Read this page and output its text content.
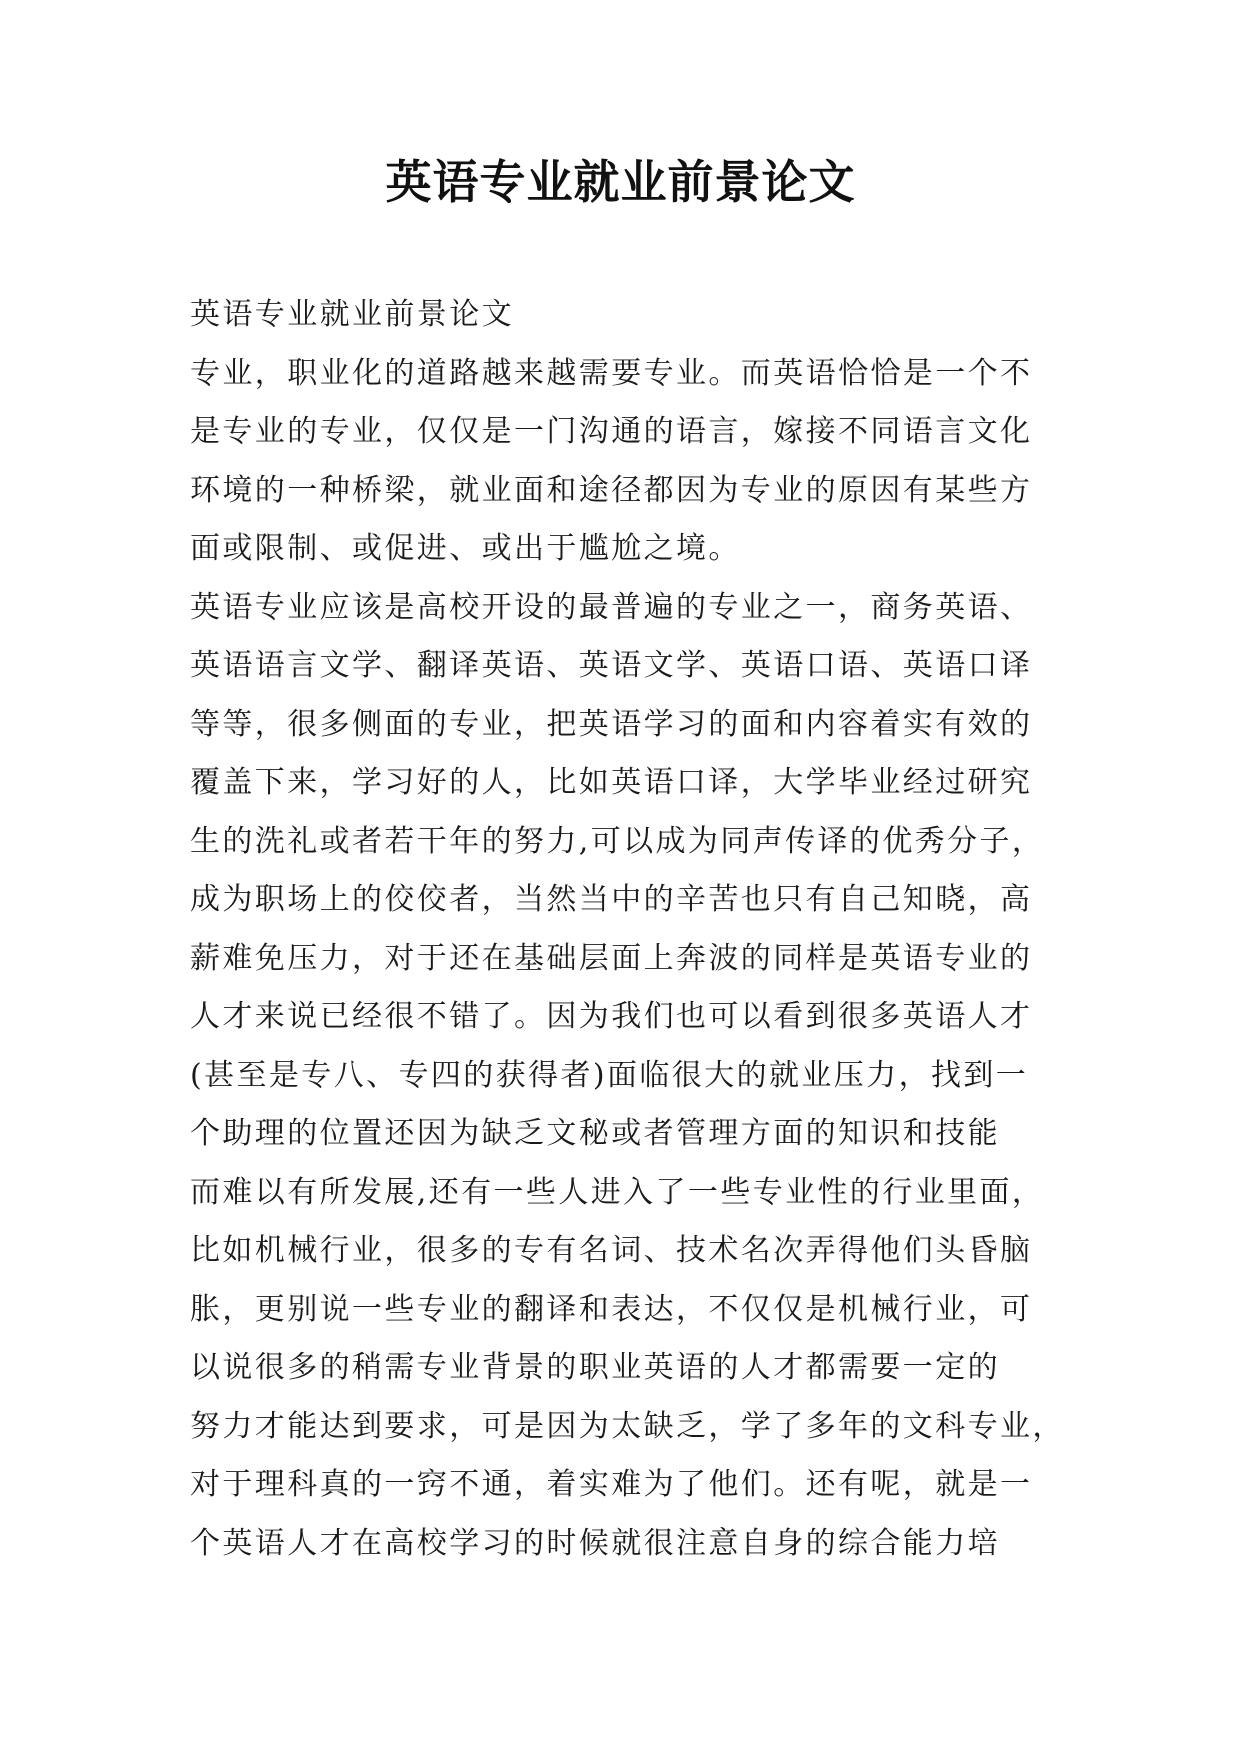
英语专业就业前景论文
英语专业就业前景论文
专业，职业化的道路越来越需要专业。而英语恰恰是一个不
是专业的专业，仅仅是一门沟通的语言，嫁接不同语言文化
环境的一种桥梁，就业面和途径都因为专业的原因有某些方
面或限制、或促进、或出于尴尬之境。
英语专业应该是高校开设的最普遍的专业之一，商务英语、
英语语言文学、翻译英语、英语文学、英语口语、英语口译
等等，很多侧面的专业，把英语学习的面和内容着实有效的
覆盖下来，学习好的人，比如英语口译，大学毕业经过研究
生的洗礼或者若干年的努力,可以成为同声传译的优秀分子，
成为职场上的佼佼者，当然当中的辛苦也只有自己知晓，高
薪难免压力，对于还在基础层面上奔波的同样是英语专业的
人才来说已经很不错了。因为我们也可以看到很多英语人才
(甚至是专八、专四的获得者)面临很大的就业压力，找到一
个助理的位置还因为缺乏文秘或者管理方面的知识和技能
而难以有所发展,还有一些人进入了一些专业性的行业里面，
比如机械行业，很多的专有名词、技术名次弄得他们头昏脑
胀，更别说一些专业的翻译和表达，不仅仅是机械行业，可
以说很多的稍需专业背景的职业英语的人才都需要一定的
努力才能达到要求，可是因为太缺乏，学了多年的文科专业，
对于理科真的一窍不通，着实难为了他们。还有呢，就是一
个英语人才在高校学习的时候就很注意自身的综合能力培
